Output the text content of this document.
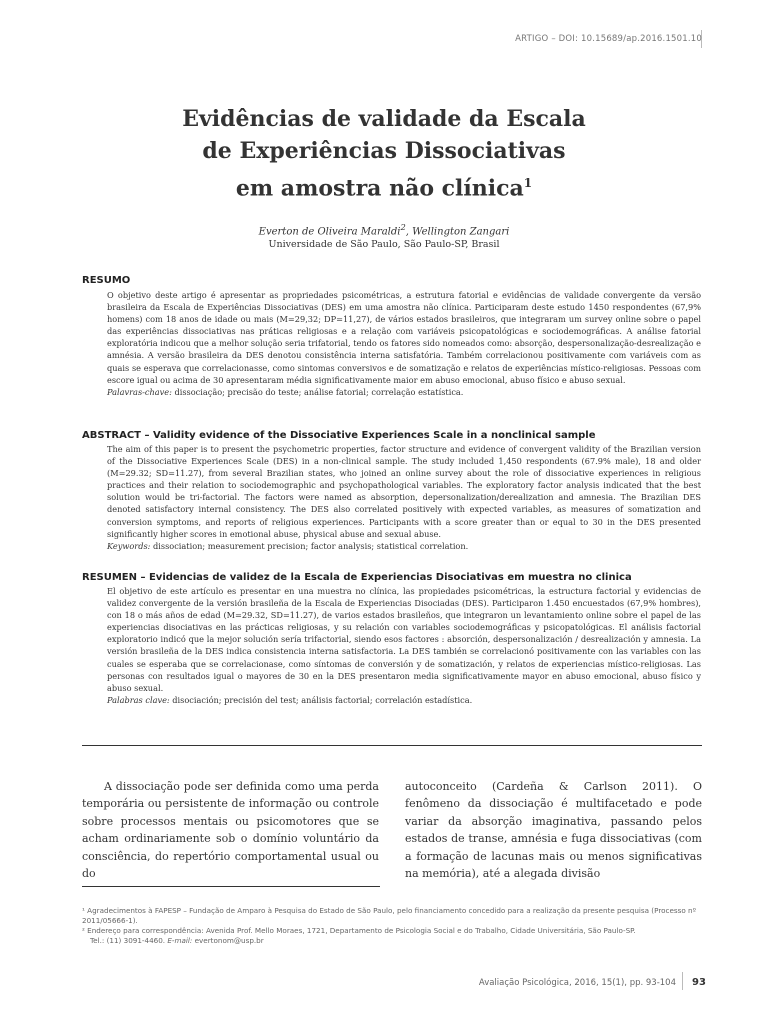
ARTIGO – DOI: 10.15689/ap.2016.1501.10
Evidências de validade da Escala
de Experiências Dissociativas
em amostra não clínica$^1$
Everton de Oliveira Maraldi$^2$, Wellington Zangari
Universidade de São Paulo, São Paulo-SP, Brasil
RESUMO

O objetivo deste artigo é apresentar as propriedades psicométricas, a estrutura fatorial e evidências de validade convergente da versão brasileira da Escala de Experiências Dissociativas (DES) em uma amostra não clínica. Participaram deste estudo 1450 respondentes (67,9% homens) com 18 anos de idade ou mais (M=29,32; DP=11,27), de vários estados brasileiros, que integraram um survey online sobre o papel das experiências dissociativas nas práticas religiosas e a relação com variáveis psicopatológicas e sociodemográficas. A análise fatorial exploratória indicou que a melhor solução seria trifatorial, tendo os fatores sido nomeados como: absorção, despersonalização-desrealização e amnésia. A versão brasileira da DES denotou consistência interna satisfatória. Também correlacionou positivamente com variáveis com as quais se esperava que correlacionasse, como sintomas conversivos e de somatização e relatos de experiências místico-religiosas. Pessoas com escore igual ou acima de 30 apresentaram média significativamente maior em abuso emocional, abuso físico e abuso sexual.

Palavras-chave: dissociação; precisão do teste; análise fatorial; correlação estatística.

ABSTRACT – Validity evidence of the Dissociative Experiences Scale in a nonclinical sample

The aim of this paper is to present the psychometric properties, factor structure and evidence of convergent validity of the Brazilian version of the Dissociative Experiences Scale (DES) in a non-clinical sample. The study included 1,450 respondents (67.9% male), 18 and older (M=29.32; SD=11.27), from several Brazilian states, who joined an online survey about the role of dissociative experiences in religious practices and their relation to sociodemographic and psychopathological variables. The exploratory factor analysis indicated that the best solution would be tri-factorial. The factors were named as absorption, depersonalization/derealization and amnesia. The Brazilian DES denoted satisfactory internal consistency. The DES also correlated positively with expected variables, as measures of somatization and conversion symptoms, and reports of religious experiences. Participants with a score greater than or equal to 30 in the DES presented significantly higher scores in emotional abuse, physical abuse and sexual abuse.

Keywords: dissociation; measurement precision; factor analysis; statistical correlation.

RESUMEN – Evidencias de validez de la Escala de Experiencias Disociativas em muestra no clinica

El objetivo de este artículo es presentar en una muestra no clínica, las propiedades psicométricas, la estructura factorial y evidencias de validez convergente de la versión brasileña de la Escala de Experiencias Disociadas (DES). Participaron 1.450 encuestados (67,9% hombres), con 18 o más años de edad (M=29.32, SD=11.27), de varios estados brasileños, que integraron un levantamiento online sobre el papel de las experiencias disociativas en las prácticas religiosas, y su relación con variables sociodemográficas y psicopatológicas. El análisis factorial exploratorio indicó que la mejor solución sería trifactorial, siendo esos factores : absorción, despersonalización / desrealización y amnesia. La versión brasileña de la DES indica consistencia interna satisfactoria. La DES también se correlacionó positivamente con las variables con las cuales se esperaba que se correlacionase, como síntomas de conversión y de somatización, y relatos de experiencias místico-religiosas. Las personas con resultados igual o mayores de 30 en la DES presentaron media significativamente mayor en abuso emocional, abuso físico y abuso sexual.

Palabras clave: disociación; precisión del test; análisis factorial; correlación estadística.

A dissociação pode ser definida como uma perda temporária ou persistente de informação ou controle sobre processos mentais ou psicomotores que se acham ordinariamente sob o domínio voluntário da consciência, do repertório comportamental usual ou do

autoconceito (Cardeña & Carlson 2011). O fenômeno da dissociação é multifacetado e pode variar da absorção imaginativa, passando pelos estados de transe, amnésia e fuga dissociativas (com a formação de lacunas mais ou menos significativas na memória), até a alegada divisão

¹ Agradecimentos à FAPESP – Fundação de Amparo à Pesquisa do Estado de São Paulo, pelo financiamento concedido para a realização da presente pesquisa (Processo nº 2011/05666-1).

² Endereço para correspondência: Avenida Prof. Mello Moraes, 1721, Departamento de Psicologia Social e do Trabalho, Cidade Universitária, São Paulo-SP.

Tel.: (11) 3091-4460. E-mail: evertonom@usp.br

Avaliação Psicológica, 2016, 15(1), pp. 93-104 93
